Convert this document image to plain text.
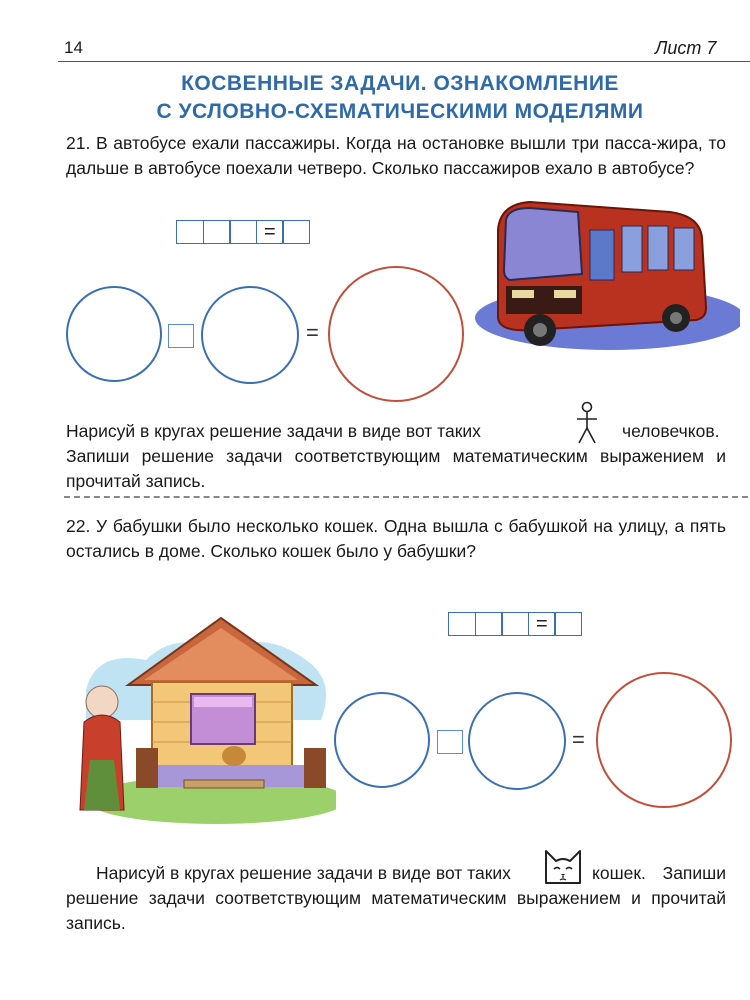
14	Лист 7
КОСВЕННЫЕ ЗАДАЧИ. ОЗНАКОМЛЕНИЕ
С УСЛОВНО-СХЕМАТИЧЕСКИМИ МОДЕЛЯМИ
21. В автобусе ехали пассажиры. Когда на остановке вышли три пасса-жира, то дальше в автобусе поехали четверо. Сколько пассажиров ехало в автобусе?
=
=
Нарисуй в кругах решение задачи в виде вот таких	человечков. Запиши решение задачи соответствующим математическим выражением и прочитай запись.
22. У бабушки было несколько кошек. Одна вышла с бабушкой на улицу, а пять остались в доме. Сколько кошек было у бабушки?
=
=
Нарисуй в кругах решение задачи в виде вот таких	кошек. Запиши решение задачи соответствующим математическим выражением и прочитай запись.
